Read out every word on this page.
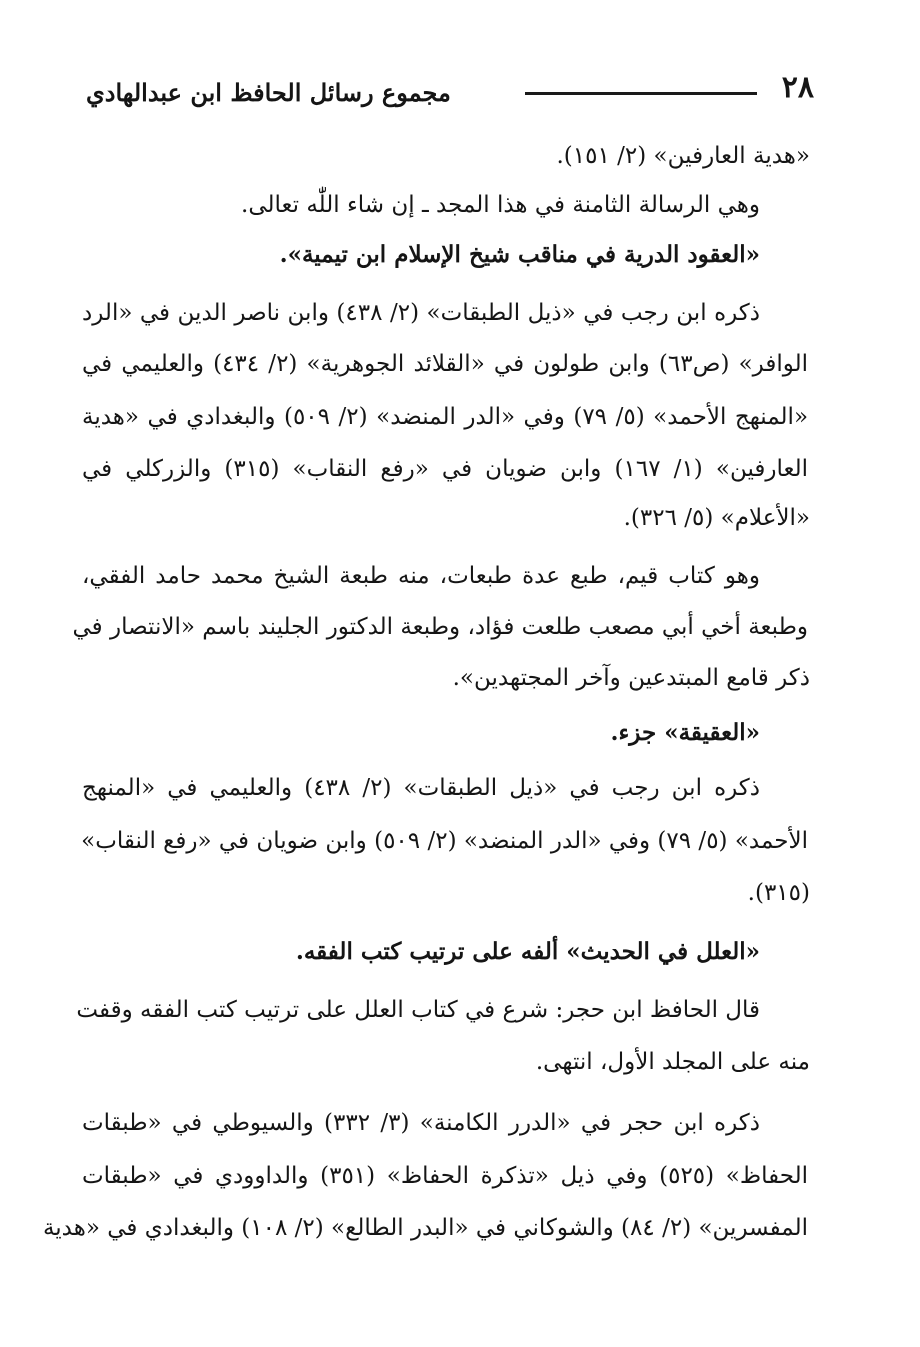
٢٨
مجموع رسائل الحافظ ابن عبدالهادي
«هدية العارفين» (٢/ ١٥١).
وهي الرسالة الثامنة في هذا المجد ـ إن شاء اللّٰه تعالى.
«العقود الدرية في مناقب شيخ الإسلام ابن تيمية».
ذكره ابن رجب في «ذيل الطبقات» (٢/ ٤٣٨) وابن ناصر الدين في «الرد
الوافر» (ص٦٣) وابن طولون في «القلائد الجوهرية» (٢/ ٤٣٤) والعليمي في
«المنهج الأحمد» (٥/ ٧٩) وفي «الدر المنضد» (٢/ ٥٠٩) والبغدادي في «هدية
العارفين» (١/ ١٦٧) وابن ضويان في «رفع النقاب» (٣١٥) والزركلي في
«الأعلام» (٥/ ٣٢٦).
وهو كتاب قيم، طبع عدة طبعات، منه طبعة الشيخ محمد حامد الفقي،
وطبعة أخي أبي مصعب طلعت فؤاد، وطبعة الدكتور الجليند باسم «الانتصار في
ذكر قامع المبتدعين وآخر المجتهدين».
«العقيقة» جزء.
ذكره ابن رجب في «ذيل الطبقات» (٢/ ٤٣٨) والعليمي في «المنهج
الأحمد» (٥/ ٧٩) وفي «الدر المنضد» (٢/ ٥٠٩) وابن ضويان في «رفع النقاب»
(٣١٥).
«العلل في الحديث» ألفه على ترتيب كتب الفقه.
قال الحافظ ابن حجر: شرع في كتاب العلل على ترتيب كتب الفقه وقفت
منه على المجلد الأول، انتهى.
ذكره ابن حجر في «الدرر الكامنة» (٣/ ٣٣٢) والسيوطي في «طبقات
الحفاظ» (٥٢٥) وفي ذيل «تذكرة الحفاظ» (٣٥١) والداوودي في «طبقات
المفسرين» (٢/ ٨٤) والشوكاني في «البدر الطالع» (٢/ ١٠٨) والبغدادي في «هدية
